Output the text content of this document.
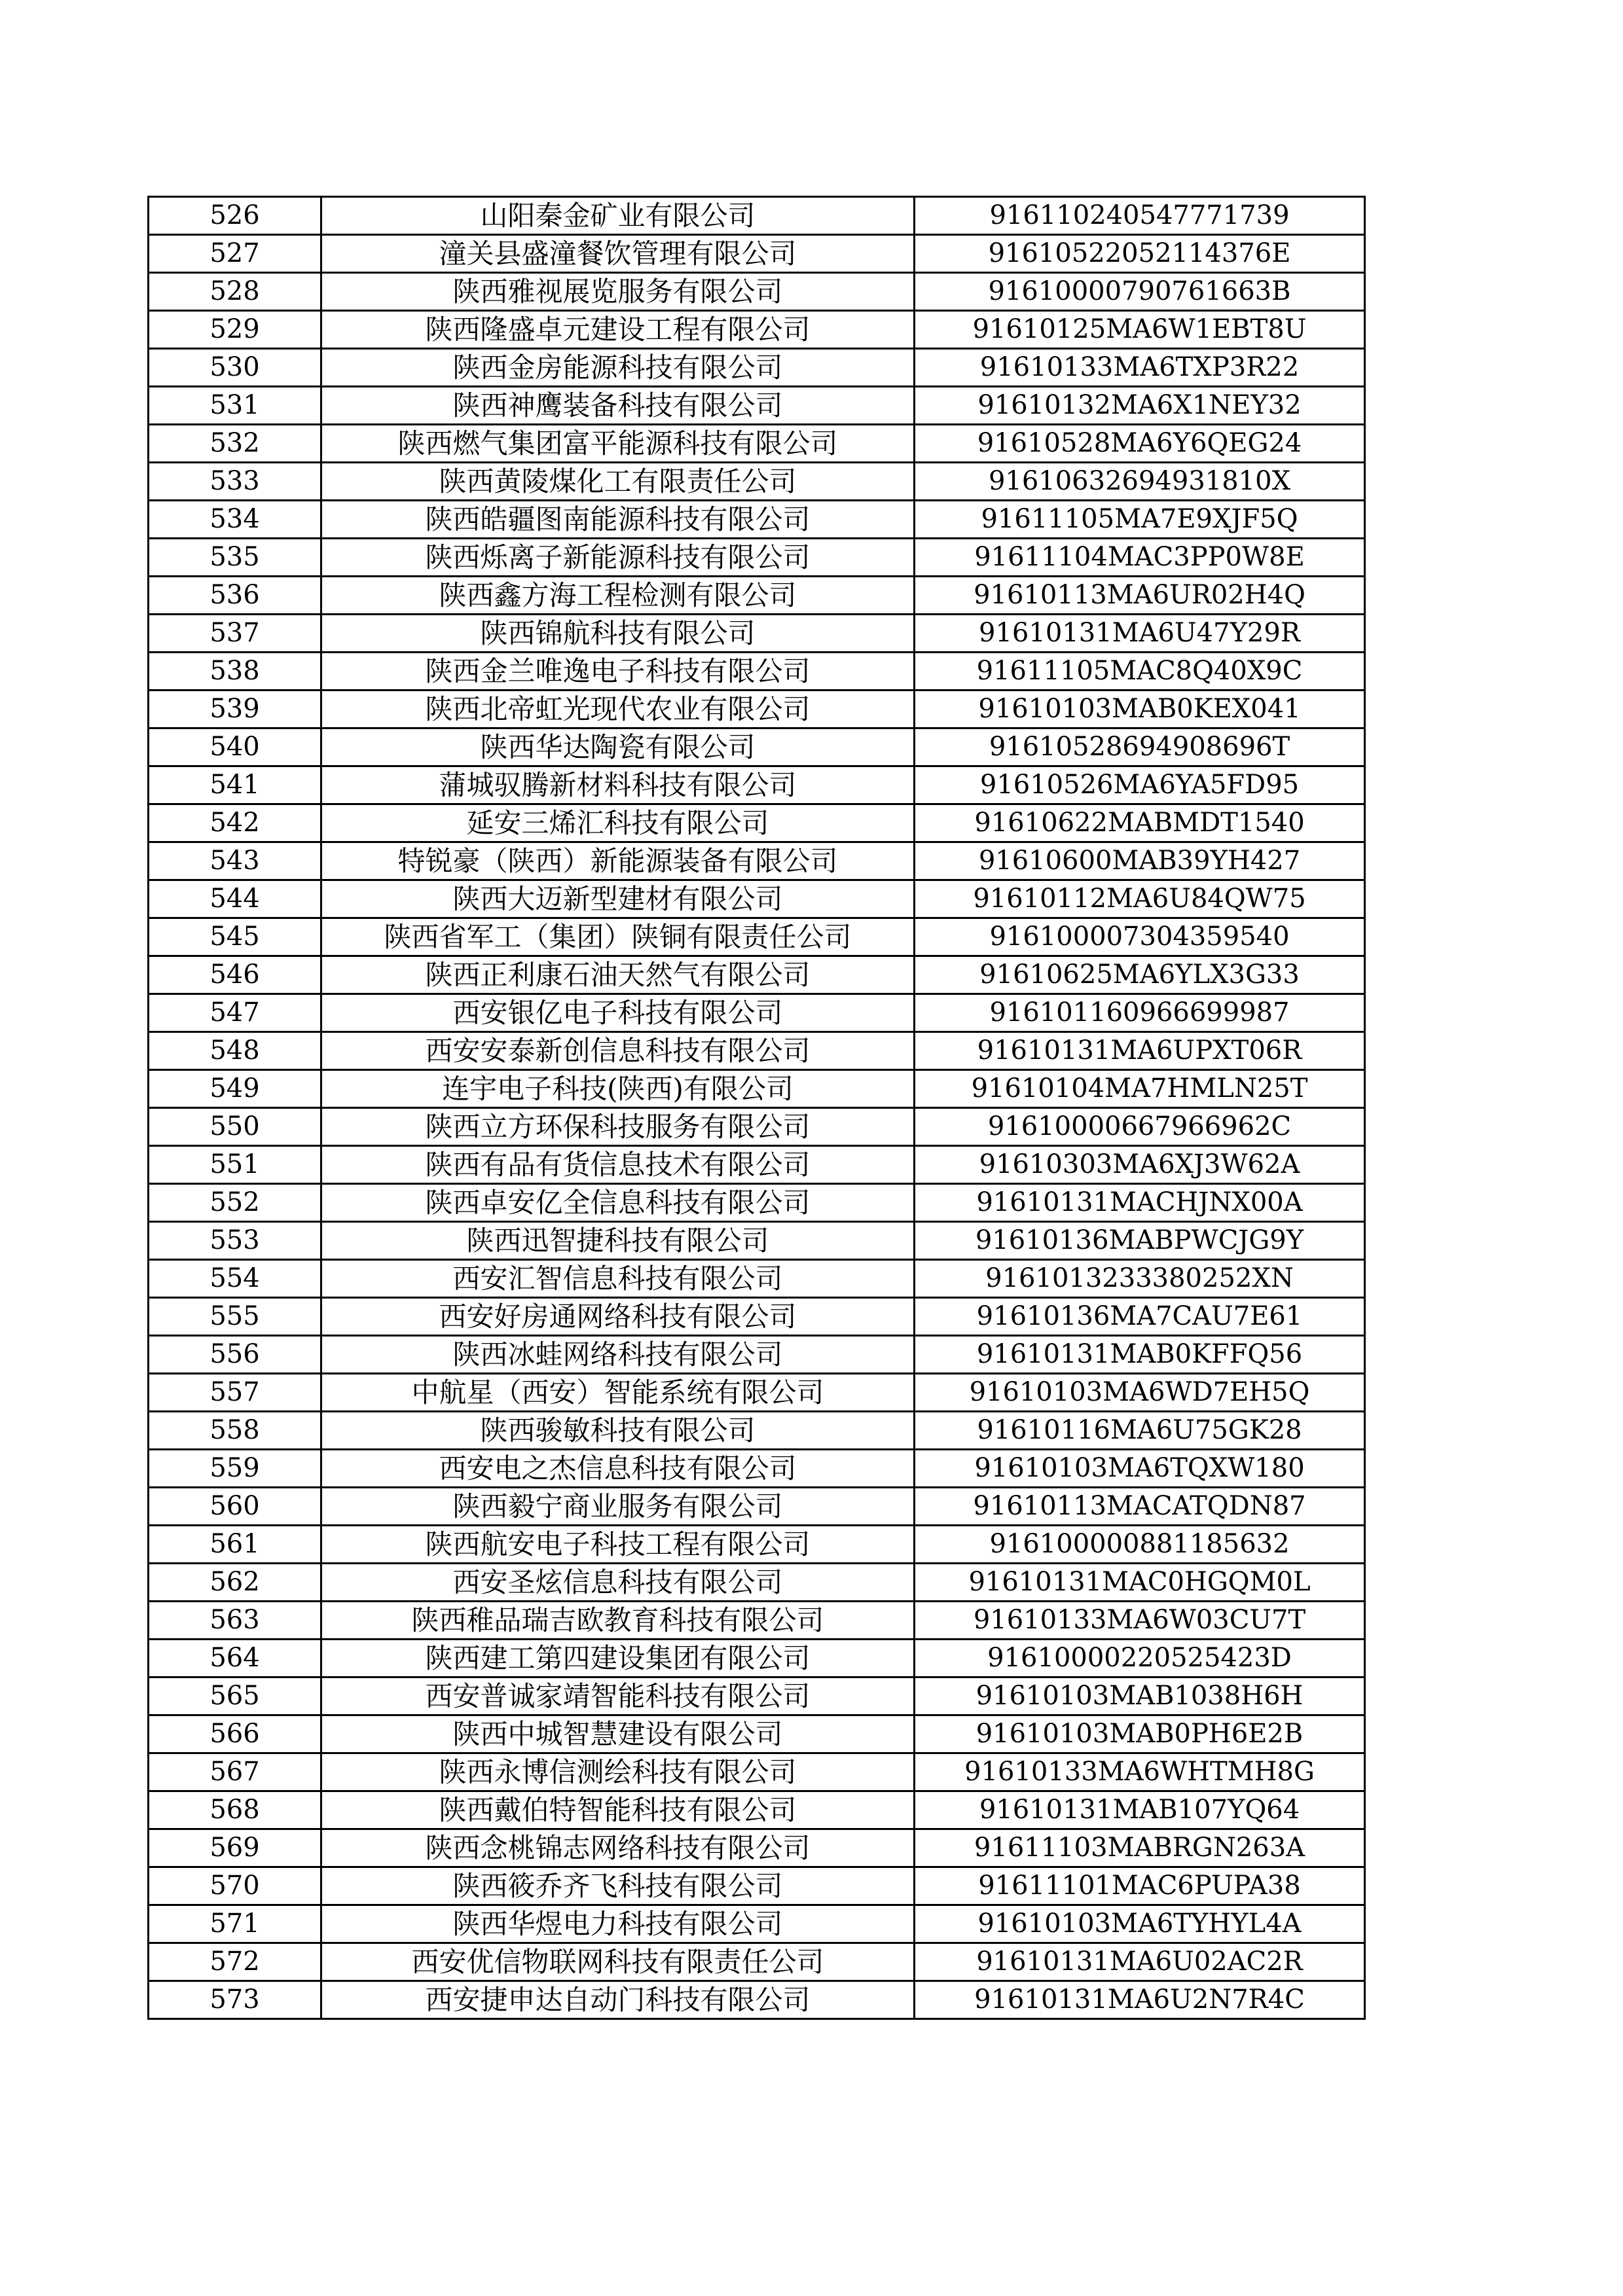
526	山阳秦金矿业有限公司	916110240547771739
527	潼关县盛潼餐饮管理有限公司	91610522052114376E
528	陕西雅视展览服务有限公司	91610000790761663B
529	陕西隆盛卓元建设工程有限公司	91610125MA6W1EBT8U
530	陕西金房能源科技有限公司	91610133MA6TXP3R22
531	陕西神鹰装备科技有限公司	91610132MA6X1NEY32
532	陕西燃气集团富平能源科技有限公司	91610528MA6Y6QEG24
533	陕西黄陵煤化工有限责任公司	91610632694931810X
534	陕西皓疆图南能源科技有限公司	91611105MA7E9XJF5Q
535	陕西烁离子新能源科技有限公司	91611104MAC3PP0W8E
536	陕西鑫方海工程检测有限公司	91610113MA6UR02H4Q
537	陕西锦航科技有限公司	91610131MA6U47Y29R
538	陕西金兰唯逸电子科技有限公司	91611105MAC8Q40X9C
539	陕西北帝虹光现代农业有限公司	91610103MAB0KEX041
540	陕西华达陶瓷有限公司	91610528694908696T
541	蒲城驭腾新材料科技有限公司	91610526MA6YA5FD95
542	延安三烯汇科技有限公司	91610622MABMDT1540
543	特锐豪（陕西）新能源装备有限公司	91610600MAB39YH427
544	陕西大迈新型建材有限公司	91610112MA6U84QW75
545	陕西省军工（集团）陕铜有限责任公司	916100007304359540
546	陕西正利康石油天然气有限公司	91610625MA6YLX3G33
547	西安银亿电子科技有限公司	916101160966699987
548	西安安泰新创信息科技有限公司	91610131MA6UPXT06R
549	连宇电子科技(陕西)有限公司	91610104MA7HMLN25T
550	陕西立方环保科技服务有限公司	91610000667966962C
551	陕西有品有货信息技术有限公司	91610303MA6XJ3W62A
552	陕西卓安亿全信息科技有限公司	91610131MACHJNX00A
553	陕西迅智捷科技有限公司	91610136MABPWCJG9Y
554	西安汇智信息科技有限公司	9161013233380252XN
555	西安好房通网络科技有限公司	91610136MA7CAU7E61
556	陕西冰蛙网络科技有限公司	91610131MAB0KFFQ56
557	中航星（西安）智能系统有限公司	91610103MA6WD7EH5Q
558	陕西骏敏科技有限公司	91610116MA6U75GK28
559	西安电之杰信息科技有限公司	91610103MA6TQXW180
560	陕西毅宁商业服务有限公司	91610113MACATQDN87
561	陕西航安电子科技工程有限公司	916100000881185632
562	西安圣炫信息科技有限公司	91610131MAC0HGQM0L
563	陕西稚品瑞吉欧教育科技有限公司	91610133MA6W03CU7T
564	陕西建工第四建设集团有限公司	91610000220525423D
565	西安普诚家靖智能科技有限公司	91610103MAB1038H6H
566	陕西中城智慧建设有限公司	91610103MAB0PH6E2B
567	陕西永博信测绘科技有限公司	91610133MA6WHTMH8G
568	陕西戴伯特智能科技有限公司	91610131MAB107YQ64
569	陕西念桃锦志网络科技有限公司	91611103MABRGN263A
570	陕西筱乔齐飞科技有限公司	91611101MAC6PUPA38
571	陕西华煜电力科技有限公司	91610103MA6TYHYL4A
572	西安优信物联网科技有限责任公司	91610131MA6U02AC2R
573	西安捷申达自动门科技有限公司	91610131MA6U2N7R4C
